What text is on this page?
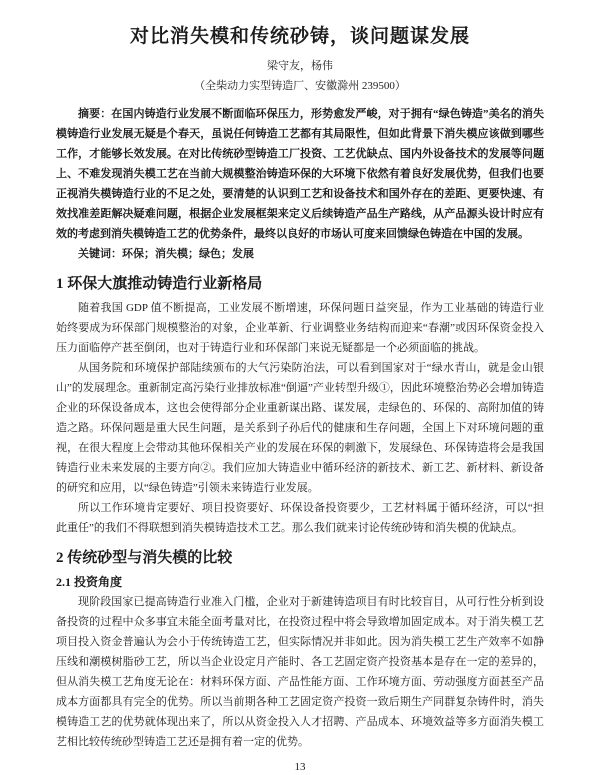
对比消失模和传统砂铸，谈问题谋发展
梁守友，杨伟
（全柴动力实型铸造厂、安徽滁州 239500）

摘要：在国内铸造行业发展不断面临环保压力，形势愈发严峻，对于拥有“绿色铸造”美名的消失模铸造行业发展无疑是个春天，虽说任何铸造工艺都有其局限性，但如此背景下消失模应该做到哪些工作，才能够长效发展。在对比传统砂型铸造工厂投资、工艺优缺点、国内外设备技术的发展等问题上、不难发现消失模工艺在当前大规模整治铸造环保的大环境下依然有着良好发展优势，但我们也要正视消失模铸造行业的不足之处，要清楚的认识到工艺和设备技术和国外存在的差距、更要快速、有效找准差距解决疑难问题，根据企业发展框架来定义后续铸造产品生产路线，从产品源头设计时应有效的考虑到消失模铸造工艺的优势条件，最终以良好的市场认可度来回馈绿色铸造在中国的发展。

关键词：环保；消失模；绿色；发展

1 环保大旗推动铸造行业新格局

随着我国 GDP 值不断提高，工业发展不断增速，环保问题日益突显，作为工业基础的铸造行业始终要成为环保部门规模整治的对象，企业革新、行业调整业务结构而迎来“春潮”或因环保资金投入压力面临停产甚至倒闭，也对于铸造行业和环保部门来说无疑都是一个必须面临的挑战。

从国务院和环境保护部陆续颁布的大气污染防治法，可以看到国家对于“绿水青山，就是金山银山”的发展理念。重新制定高污染行业排放标准“倒逼”产业转型升级①，因此环境整治势必会增加铸造企业的环保设备成本，这也会使得部分企业重新谋出路、谋发展，走绿色的、环保的、高附加值的铸造之路。环保问题是重大民生问题，是关系到子孙后代的健康和生存问题，全国上下对环境问题的重视，在很大程度上会带动其他环保相关产业的发展在环保的刺激下，发展绿色、环保铸造将会是我国铸造行业未来发展的主要方向②。我们应加大铸造业中循环经济的新技术、新工艺、新材料、新设备的研究和应用，以“绿色铸造”引领未来铸造行业发展。

所以工作环境肯定要好、项目投资要好、环保设备投资要少，工艺材料属于循环经济，可以“担此重任”的我们不得联想到消失模铸造技术工艺。那么我们就来讨论传统砂铸和消失模的优缺点。

2 传统砂型与消失模的比较
2.1 投资角度

现阶段国家已提高铸造行业准入门槛，企业对于新建铸造项目有时比较盲目，从可行性分析到设备投资的过程中众多事宜未能全面考量对比，在投资过程中将会导致增加固定成本。对于消失模工艺项目投入资金普遍认为会小于传统铸造工艺，但实际情况并非如此。因为消失模工艺生产效率不如静压线和潮模树脂砂工艺，所以当企业设定月产能时、各工艺固定资产投资基本是存在一定的差异的，但从消失模工艺角度无论在：材料环保方面、产品性能方面、工作环境方面、劳动强度方面甚至产品成本方面都具有完全的优势。所以当前期各种工艺固定资产投资一致后期生产同群复杂铸件时，消失模铸造工艺的优势就体现出来了，所以从资金投入人才招聘、产品成本、环境效益等多方面消失模工艺相比较传统砂型铸造工艺还是拥有着一定的优势。

13
